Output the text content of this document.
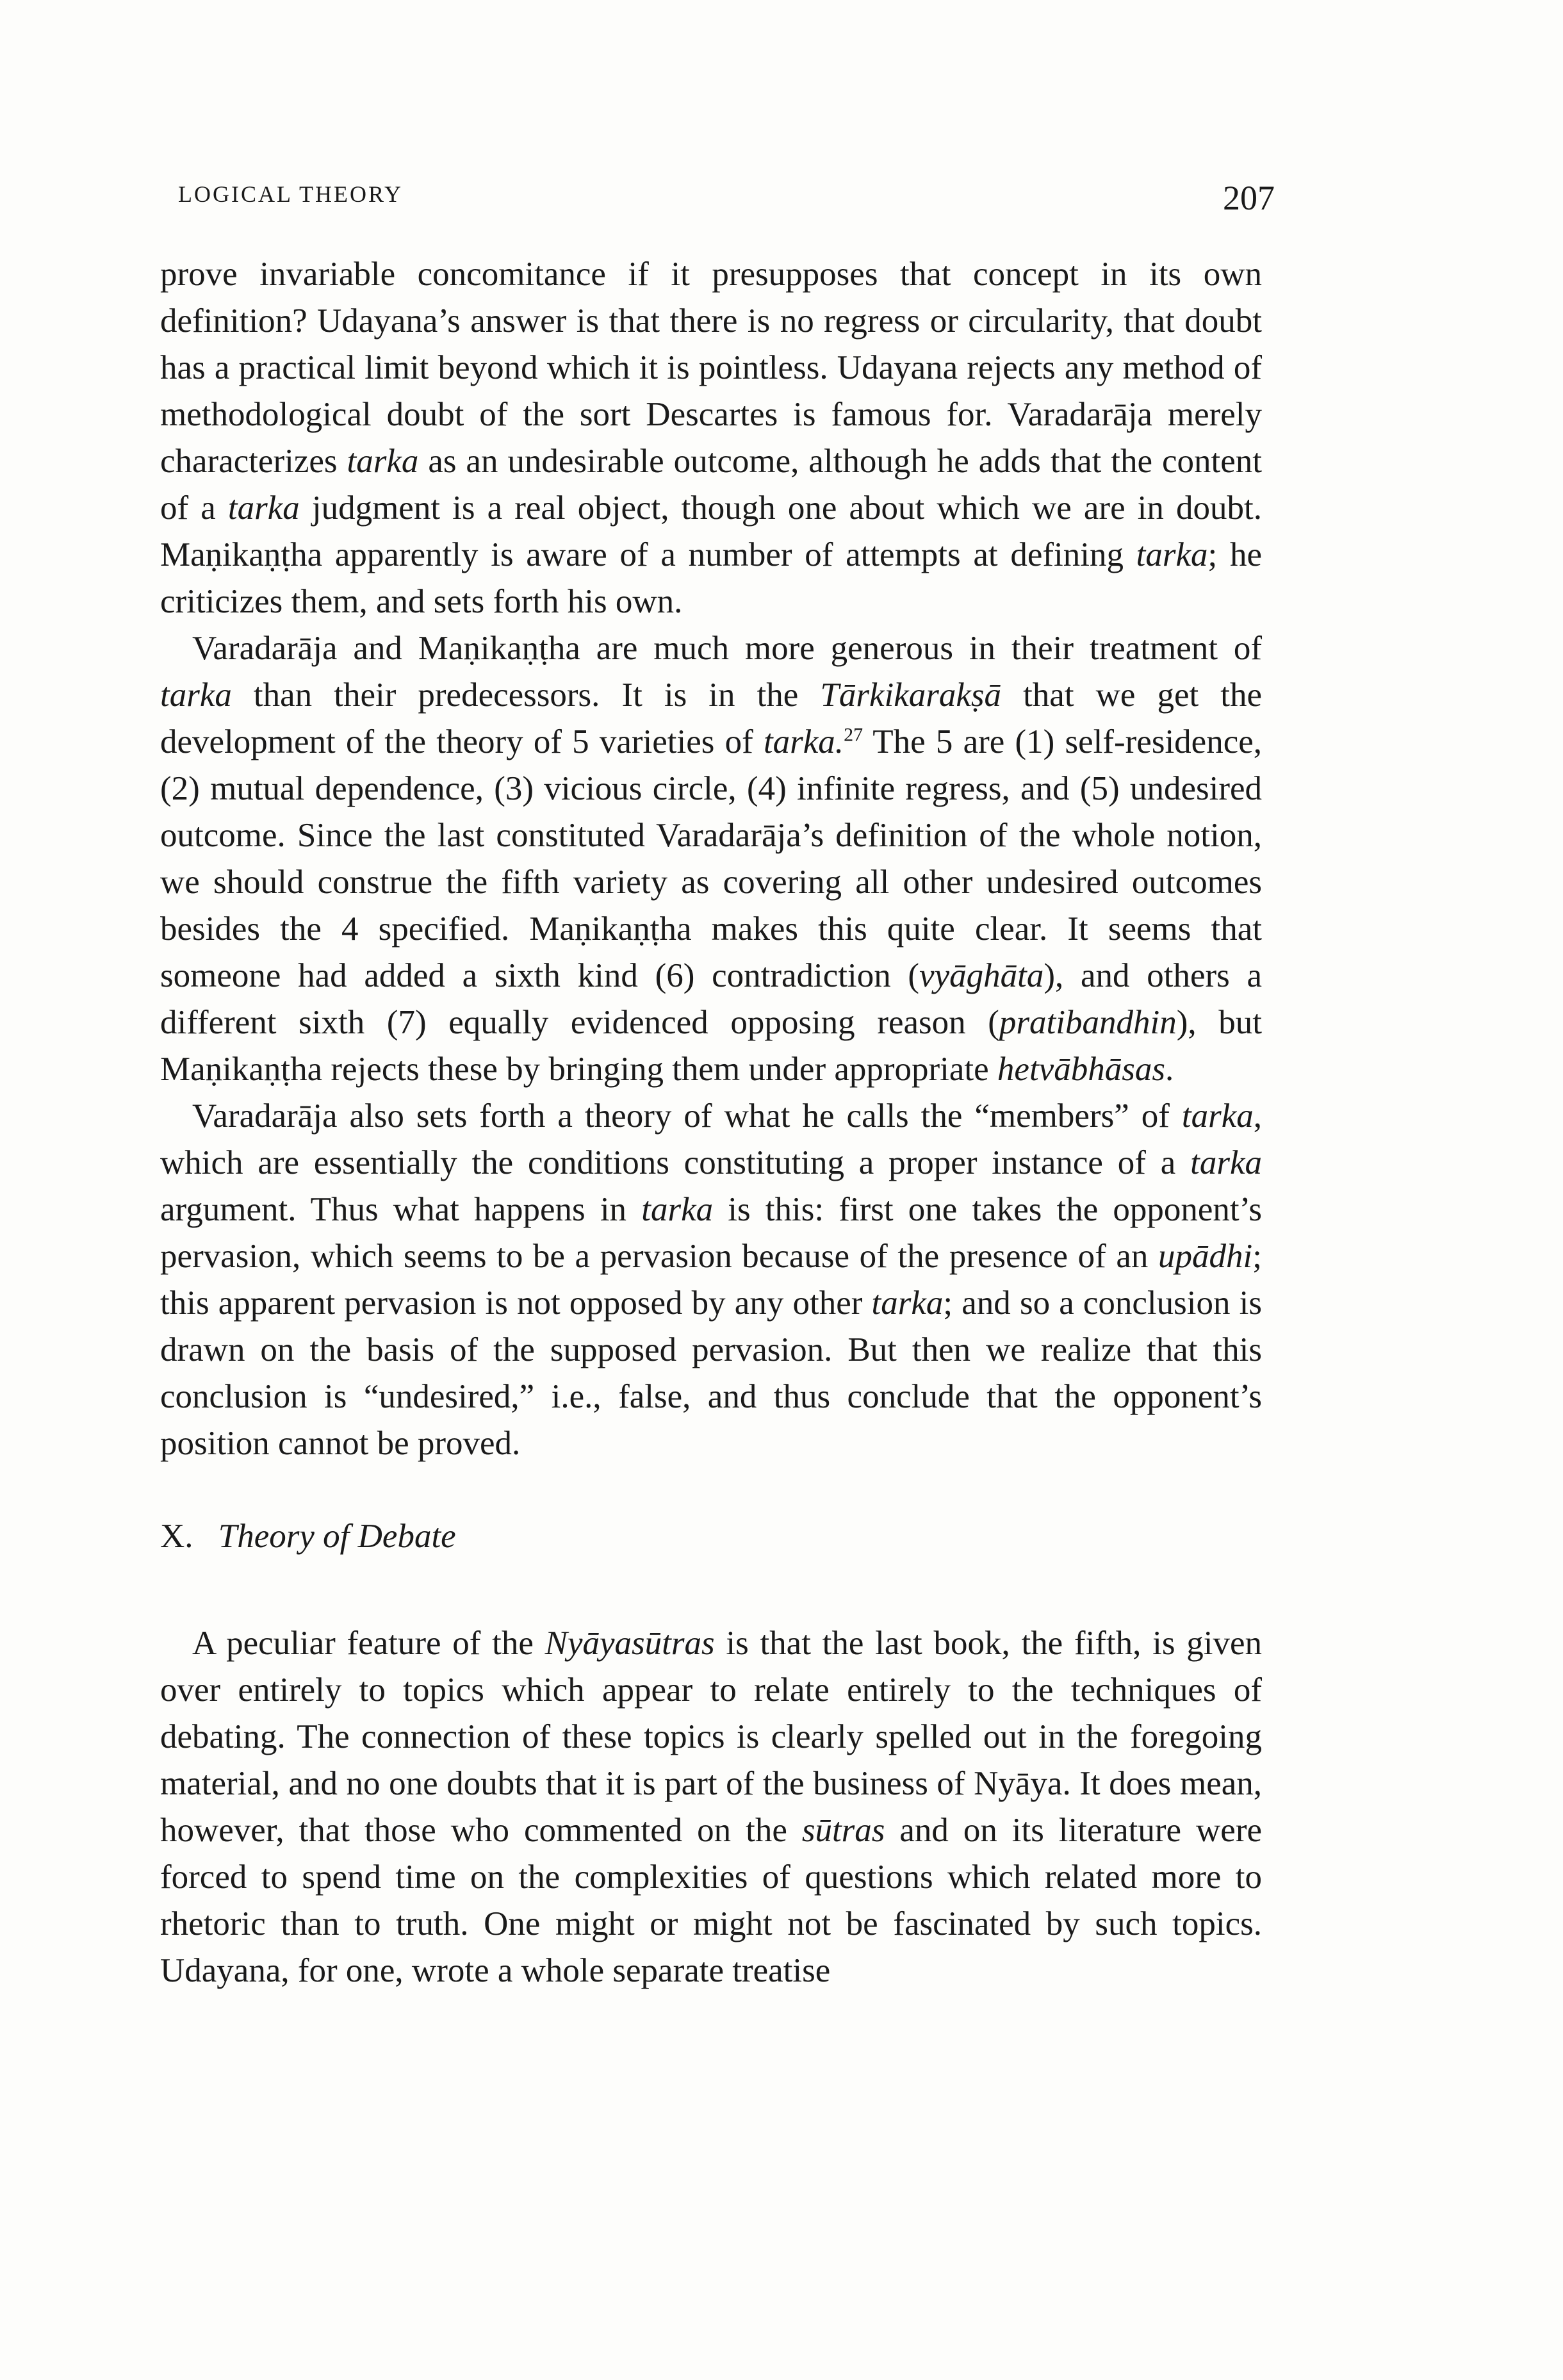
LOGICAL THEORY	207

prove invariable concomitance if it presupposes that concept in its own definition? Udayana’s answer is that there is no regress or circularity, that doubt has a practical limit beyond which it is pointless. Udayana rejects any method of methodological doubt of the sort Descartes is famous for. Varadarāja merely characterizes tarka as an undesirable outcome, although he adds that the content of a tarka judgment is a real object, though one about which we are in doubt. Maṇikaṇṭha apparently is aware of a number of attempts at defining tarka; he criticizes them, and sets forth his own.

Varadarāja and Maṇikaṇṭha are much more generous in their treatment of tarka than their predecessors. It is in the Tārkikarakṣā that we get the development of the theory of 5 varieties of tarka.$^{27}$ The 5 are (1) self-residence, (2) mutual dependence, (3) vicious circle, (4) infinite regress, and (5) undesired outcome. Since the last constituted Varadarāja’s definition of the whole notion, we should construe the fifth variety as covering all other undesired outcomes besides the 4 specified. Maṇikaṇṭha makes this quite clear. It seems that someone had added a sixth kind (6) contradiction (vyāghāta), and others a different sixth (7) equally evidenced opposing reason (pratibandhin), but Maṇikaṇṭha rejects these by bringing them under appropriate hetvābhāsas.

Varadarāja also sets forth a theory of what he calls the “members” of tarka, which are essentially the conditions constituting a proper instance of a tarka argument. Thus what happens in tarka is this: first one takes the opponent’s pervasion, which seems to be a pervasion because of the presence of an upādhi; this apparent pervasion is not opposed by any other tarka; and so a conclusion is drawn on the basis of the supposed pervasion. But then we realize that this conclusion is “undesired,” i.e., false, and thus conclude that the opponent’s position cannot be proved.

X. Theory of Debate

A peculiar feature of the Nyāyasūtras is that the last book, the fifth, is given over entirely to topics which appear to relate entirely to the techniques of debating. The connection of these topics is clearly spelled out in the foregoing material, and no one doubts that it is part of the business of Nyāya. It does mean, however, that those who commented on the sūtras and on its literature were forced to spend time on the complexities of questions which related more to rhetoric than to truth. One might or might not be fascinated by such topics. Udayana, for one, wrote a whole separate treatise
